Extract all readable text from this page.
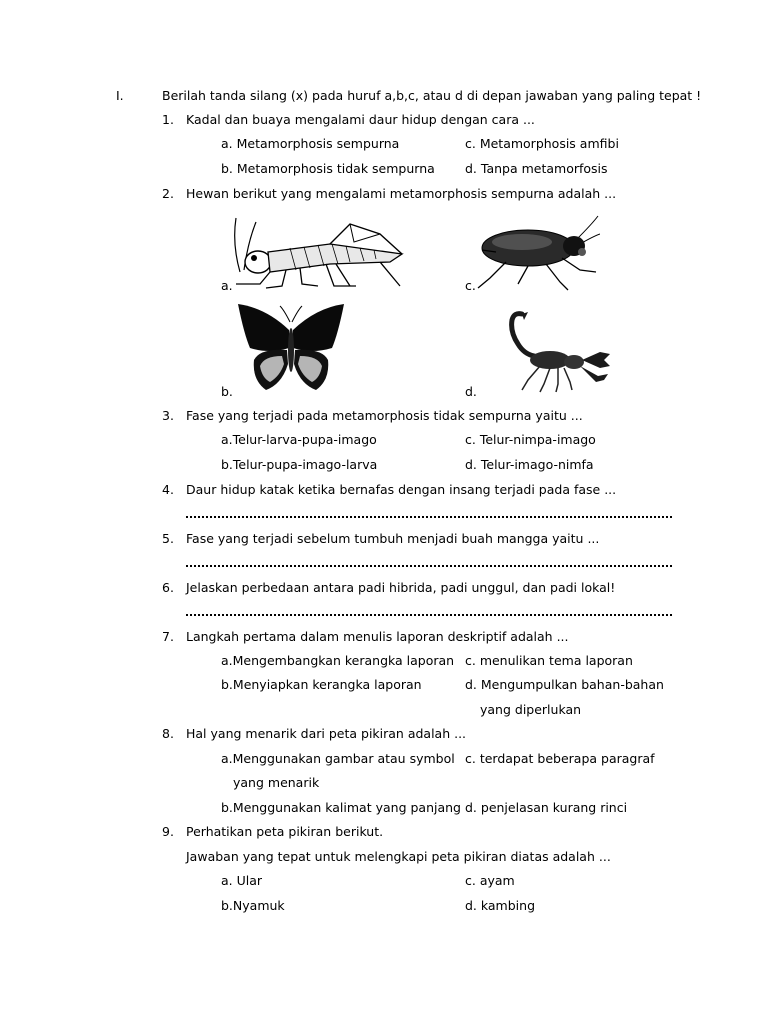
I.	Berilah tanda silang (x) pada huruf a,b,c, atau d di depan jawaban yang paling tepat !
1. Kadal dan buaya mengalami daur hidup dengan cara ...
a. Metamorphosis sempurna	c. Metamorphosis amfibi
b. Metamorphosis tidak sempurna d. Tanpa metamorfosis
2. Hewan berikut yang mengalami metamorphosis sempurna adalah ...
a.	c.
b.	d.
3. Fase yang terjadi pada metamorphosis tidak sempurna yaitu ...
a.Telur-larva-pupa-imago	c. Telur-nimpa-imago
b.Telur-pupa-imago-larva	d. Telur-imago-nimfa
4. Daur hidup katak ketika bernafas dengan insang terjadi pada fase ...
5. Fase yang terjadi sebelum tumbuh menjadi buah mangga yaitu ...
6. Jelaskan perbedaan antara padi hibrida, padi unggul, dan padi lokal!
7. Langkah pertama dalam menulis laporan deskriptif adalah ...
a.Mengembangkan kerangka laporan c. menulikan tema laporan
b.Menyiapkan kerangka laporan	d. Mengumpulkan bahan-bahan
yang diperlukan
8. Hal yang menarik dari peta pikiran adalah ...
a.Menggunakan gambar atau symbol c. terdapat beberapa paragraf
yang menarik
b.Menggunakan kalimat yang panjang d. penjelasan kurang rinci
9. Perhatikan peta pikiran berikut.
Jawaban yang tepat untuk melengkapi peta pikiran diatas adalah ...
a. Ular	c. ayam
b.Nyamuk	d. kambing
